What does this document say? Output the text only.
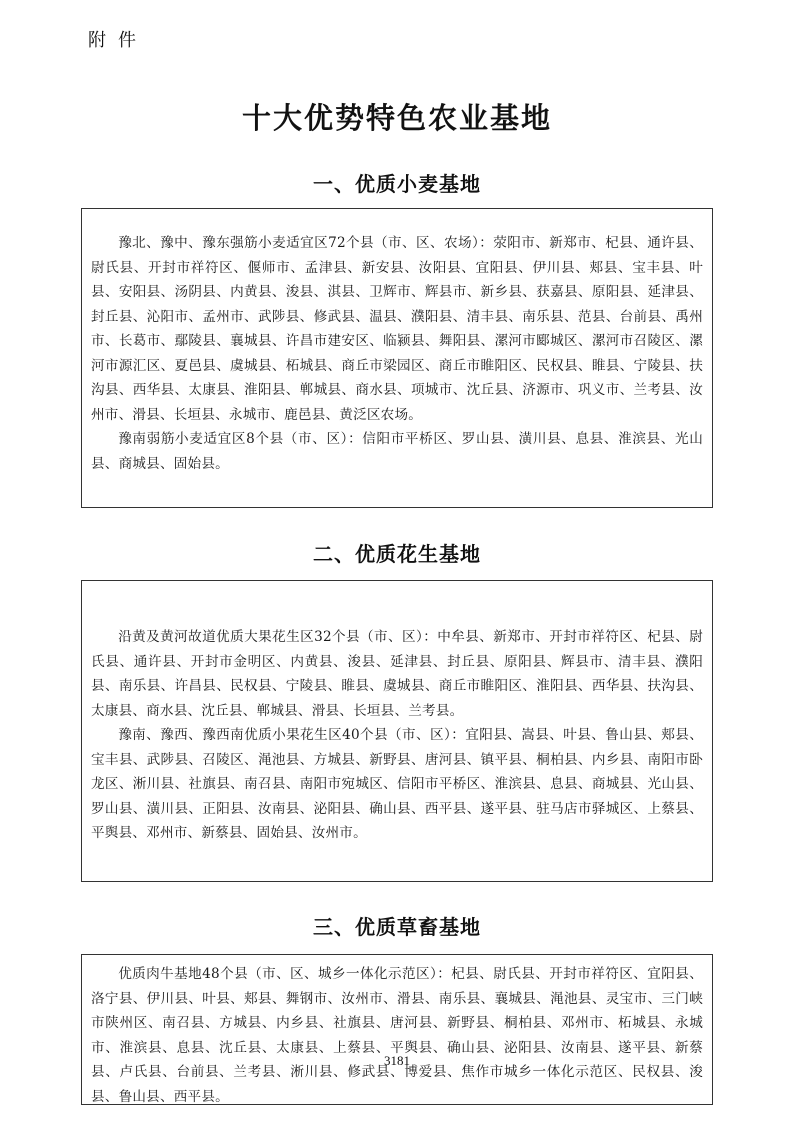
附件
十大优势特色农业基地
一、优质小麦基地

豫北、豫中、豫东强筋小麦适宜区72个县（市、区、农场）：荥阳市、新郑市、杞县、通许县、尉氏县、开封市祥符区、偃师市、孟津县、新安县、汝阳县、宜阳县、伊川县、郏县、宝丰县、叶县、安阳县、汤阴县、内黄县、浚县、淇县、卫辉市、辉县市、新乡县、获嘉县、原阳县、延津县、封丘县、沁阳市、孟州市、武陟县、修武县、温县、濮阳县、清丰县、南乐县、范县、台前县、禹州市、长葛市、鄢陵县、襄城县、许昌市建安区、临颍县、舞阳县、漯河市郾城区、漯河市召陵区、漯河市源汇区、夏邑县、虞城县、柘城县、商丘市梁园区、商丘市睢阳区、民权县、睢县、宁陵县、扶沟县、西华县、太康县、淮阳县、郸城县、商水县、项城市、沈丘县、济源市、巩义市、兰考县、汝州市、滑县、长垣县、永城市、鹿邑县、黄泛区农场。

豫南弱筋小麦适宜区8个县（市、区）：信阳市平桥区、罗山县、潢川县、息县、淮滨县、光山县、商城县、固始县。

二、优质花生基地

沿黄及黄河故道优质大果花生区32个县（市、区）：中牟县、新郑市、开封市祥符区、杞县、尉氏县、通许县、开封市金明区、内黄县、浚县、延津县、封丘县、原阳县、辉县市、清丰县、濮阳县、南乐县、许昌县、民权县、宁陵县、睢县、虞城县、商丘市睢阳区、淮阳县、西华县、扶沟县、太康县、商水县、沈丘县、郸城县、滑县、长垣县、兰考县。

豫南、豫西、豫西南优质小果花生区40个县（市、区）：宜阳县、嵩县、叶县、鲁山县、郏县、宝丰县、武陟县、召陵区、渑池县、方城县、新野县、唐河县、镇平县、桐柏县、内乡县、南阳市卧龙区、淅川县、社旗县、南召县、南阳市宛城区、信阳市平桥区、淮滨县、息县、商城县、光山县、罗山县、潢川县、正阳县、汝南县、泌阳县、确山县、西平县、遂平县、驻马店市驿城区、上蔡县、平舆县、邓州市、新蔡县、固始县、汝州市。

三、优质草畜基地

优质肉牛基地48个县（市、区、城乡一体化示范区）：杞县、尉氏县、开封市祥符区、宜阳县、洛宁县、伊川县、叶县、郏县、舞钢市、汝州市、滑县、南乐县、襄城县、渑池县、灵宝市、三门峡市陕州区、南召县、方城县、内乡县、社旗县、唐河县、新野县、桐柏县、邓州市、柘城县、永城市、淮滨县、息县、沈丘县、太康县、上蔡县、平舆县、确山县、泌阳县、汝南县、遂平县、新蔡县、卢氏县、台前县、兰考县、淅川县、修武县、博爱县、焦作市城乡一体化示范区、民权县、浚县、鲁山县、西平县。

3181
